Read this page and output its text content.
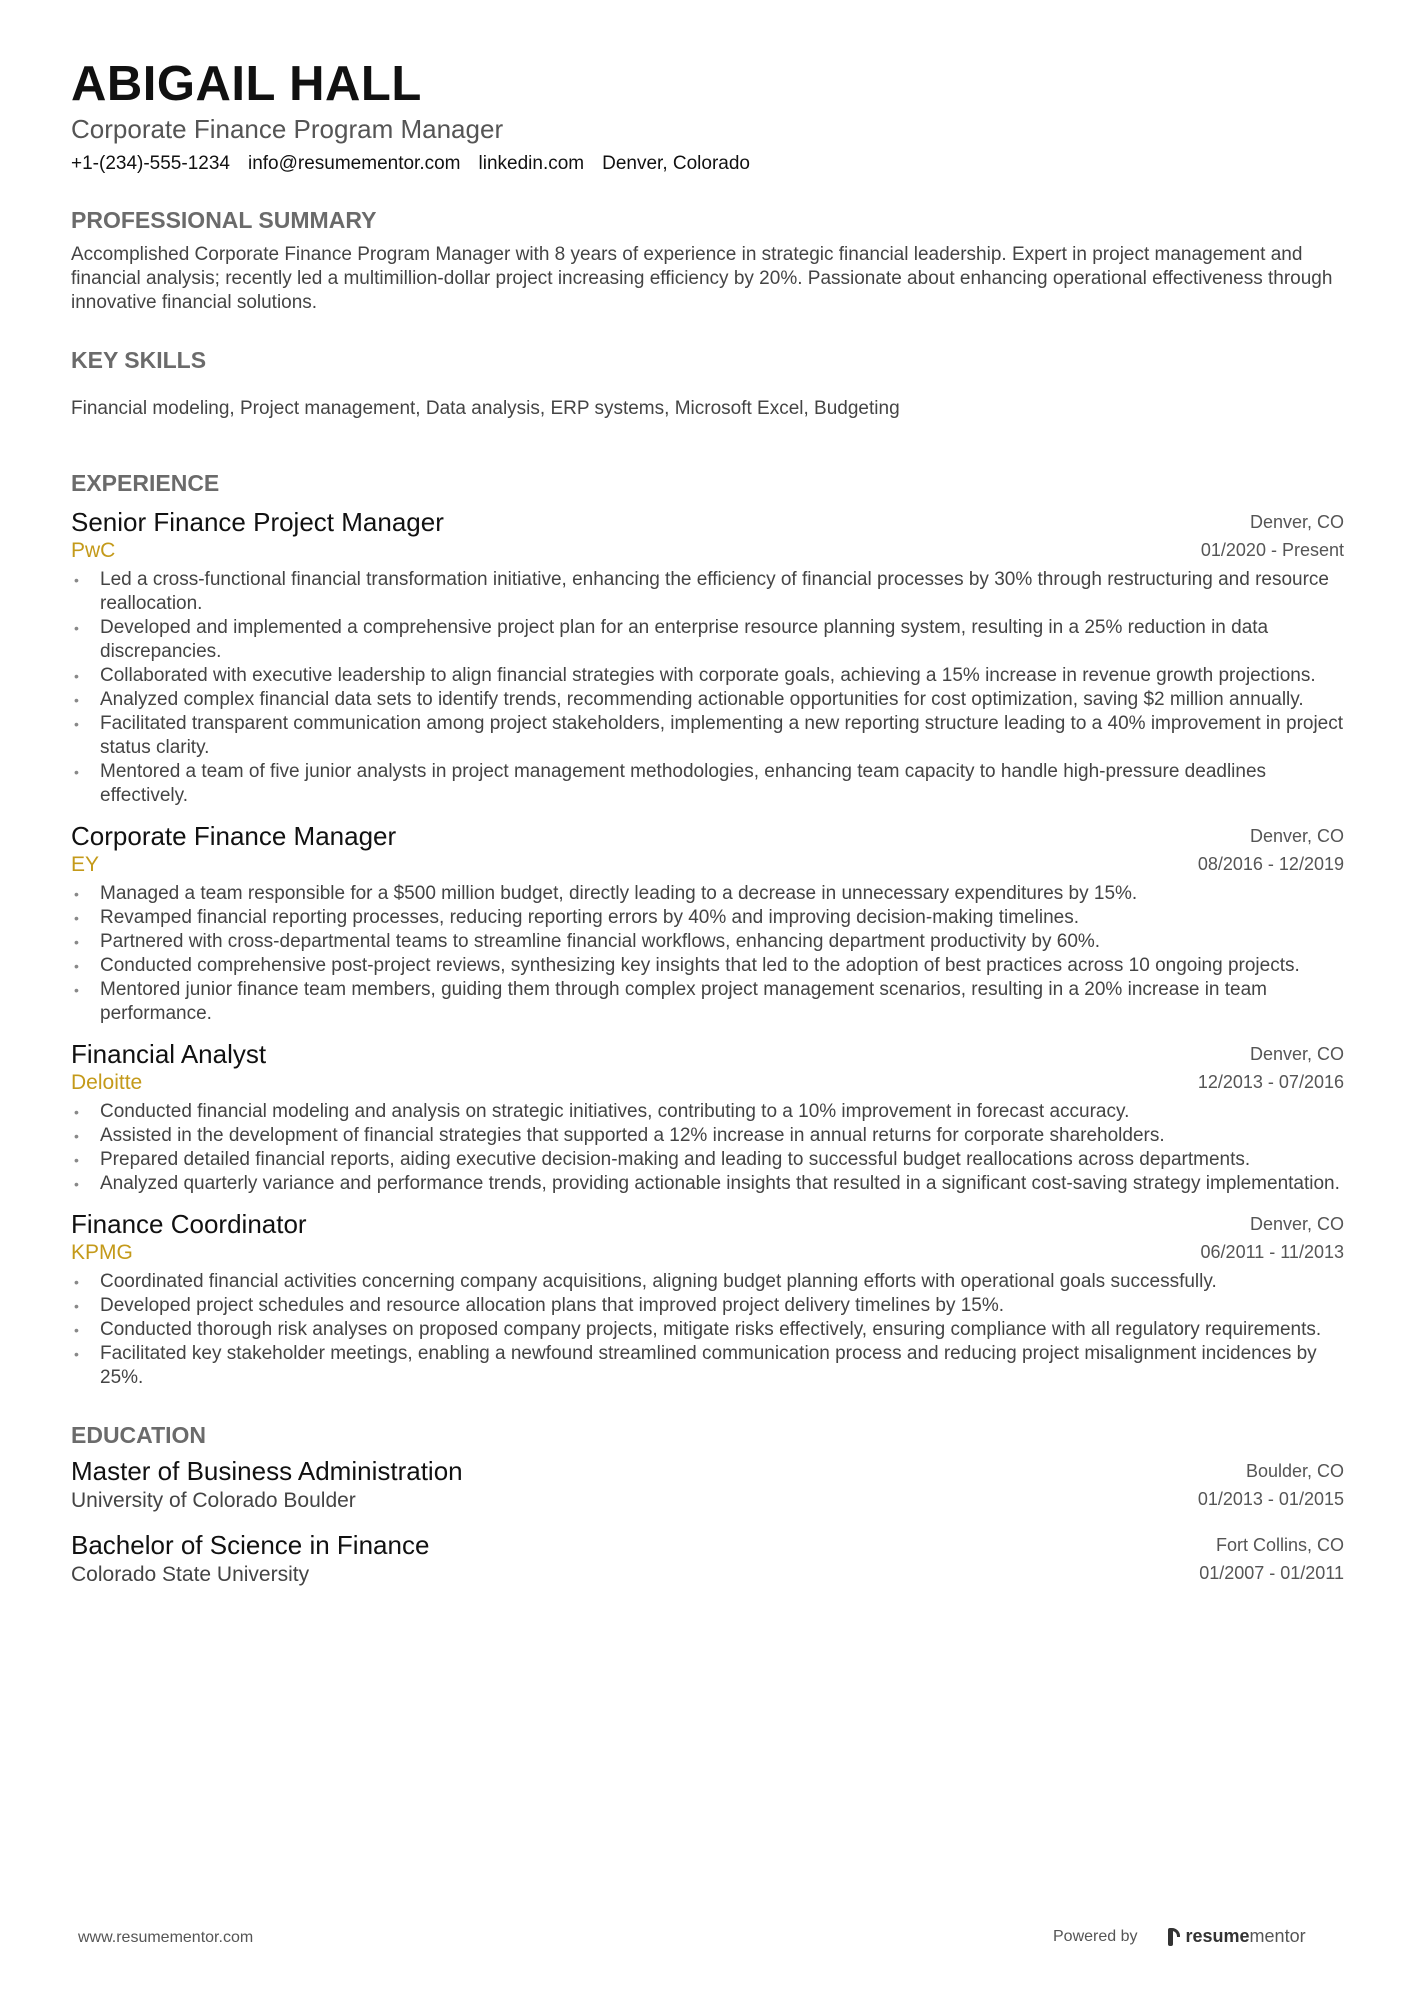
ABIGAIL HALL
Corporate Finance Program Manager
+1-(234)-555-1234 info@resumementor.com linkedin.com Denver, Colorado
PROFESSIONAL SUMMARY
Accomplished Corporate Finance Program Manager with 8 years of experience in strategic financial leadership. Expert in project management and financial analysis; recently led a multimillion-dollar project increasing efficiency by 20%. Passionate about enhancing operational effectiveness through innovative financial solutions.
KEY SKILLS
Financial modeling, Project management, Data analysis, ERP systems, Microsoft Excel, Budgeting
EXPERIENCE
Senior Finance Project Manager
PwC
Denver, CO
01/2020 - Present
• Led a cross-functional financial transformation initiative, enhancing the efficiency of financial processes by 30% through restructuring and resource reallocation.
• Developed and implemented a comprehensive project plan for an enterprise resource planning system, resulting in a 25% reduction in data discrepancies.
• Collaborated with executive leadership to align financial strategies with corporate goals, achieving a 15% increase in revenue growth projections.
• Analyzed complex financial data sets to identify trends, recommending actionable opportunities for cost optimization, saving $2 million annually.
• Facilitated transparent communication among project stakeholders, implementing a new reporting structure leading to a 40% improvement in project status clarity.
• Mentored a team of five junior analysts in project management methodologies, enhancing team capacity to handle high-pressure deadlines effectively.
Corporate Finance Manager
EY
Denver, CO
08/2016 - 12/2019
• Managed a team responsible for a $500 million budget, directly leading to a decrease in unnecessary expenditures by 15%.
• Revamped financial reporting processes, reducing reporting errors by 40% and improving decision-making timelines.
• Partnered with cross-departmental teams to streamline financial workflows, enhancing department productivity by 60%.
• Conducted comprehensive post-project reviews, synthesizing key insights that led to the adoption of best practices across 10 ongoing projects.
• Mentored junior finance team members, guiding them through complex project management scenarios, resulting in a 20% increase in team performance.
Financial Analyst
Deloitte
Denver, CO
12/2013 - 07/2016
• Conducted financial modeling and analysis on strategic initiatives, contributing to a 10% improvement in forecast accuracy.
• Assisted in the development of financial strategies that supported a 12% increase in annual returns for corporate shareholders.
• Prepared detailed financial reports, aiding executive decision-making and leading to successful budget reallocations across departments.
• Analyzed quarterly variance and performance trends, providing actionable insights that resulted in a significant cost-saving strategy implementation.
Finance Coordinator
KPMG
Denver, CO
06/2011 - 11/2013
• Coordinated financial activities concerning company acquisitions, aligning budget planning efforts with operational goals successfully.
• Developed project schedules and resource allocation plans that improved project delivery timelines by 15%.
• Conducted thorough risk analyses on proposed company projects, mitigate risks effectively, ensuring compliance with all regulatory requirements.
• Facilitated key stakeholder meetings, enabling a newfound streamlined communication process and reducing project misalignment incidences by 25%.
EDUCATION
Master of Business Administration
University of Colorado Boulder
Boulder, CO
01/2013 - 01/2015
Bachelor of Science in Finance
Colorado State University
Fort Collins, CO
01/2007 - 01/2011
www.resumementor.com	Powered by	resumementor
